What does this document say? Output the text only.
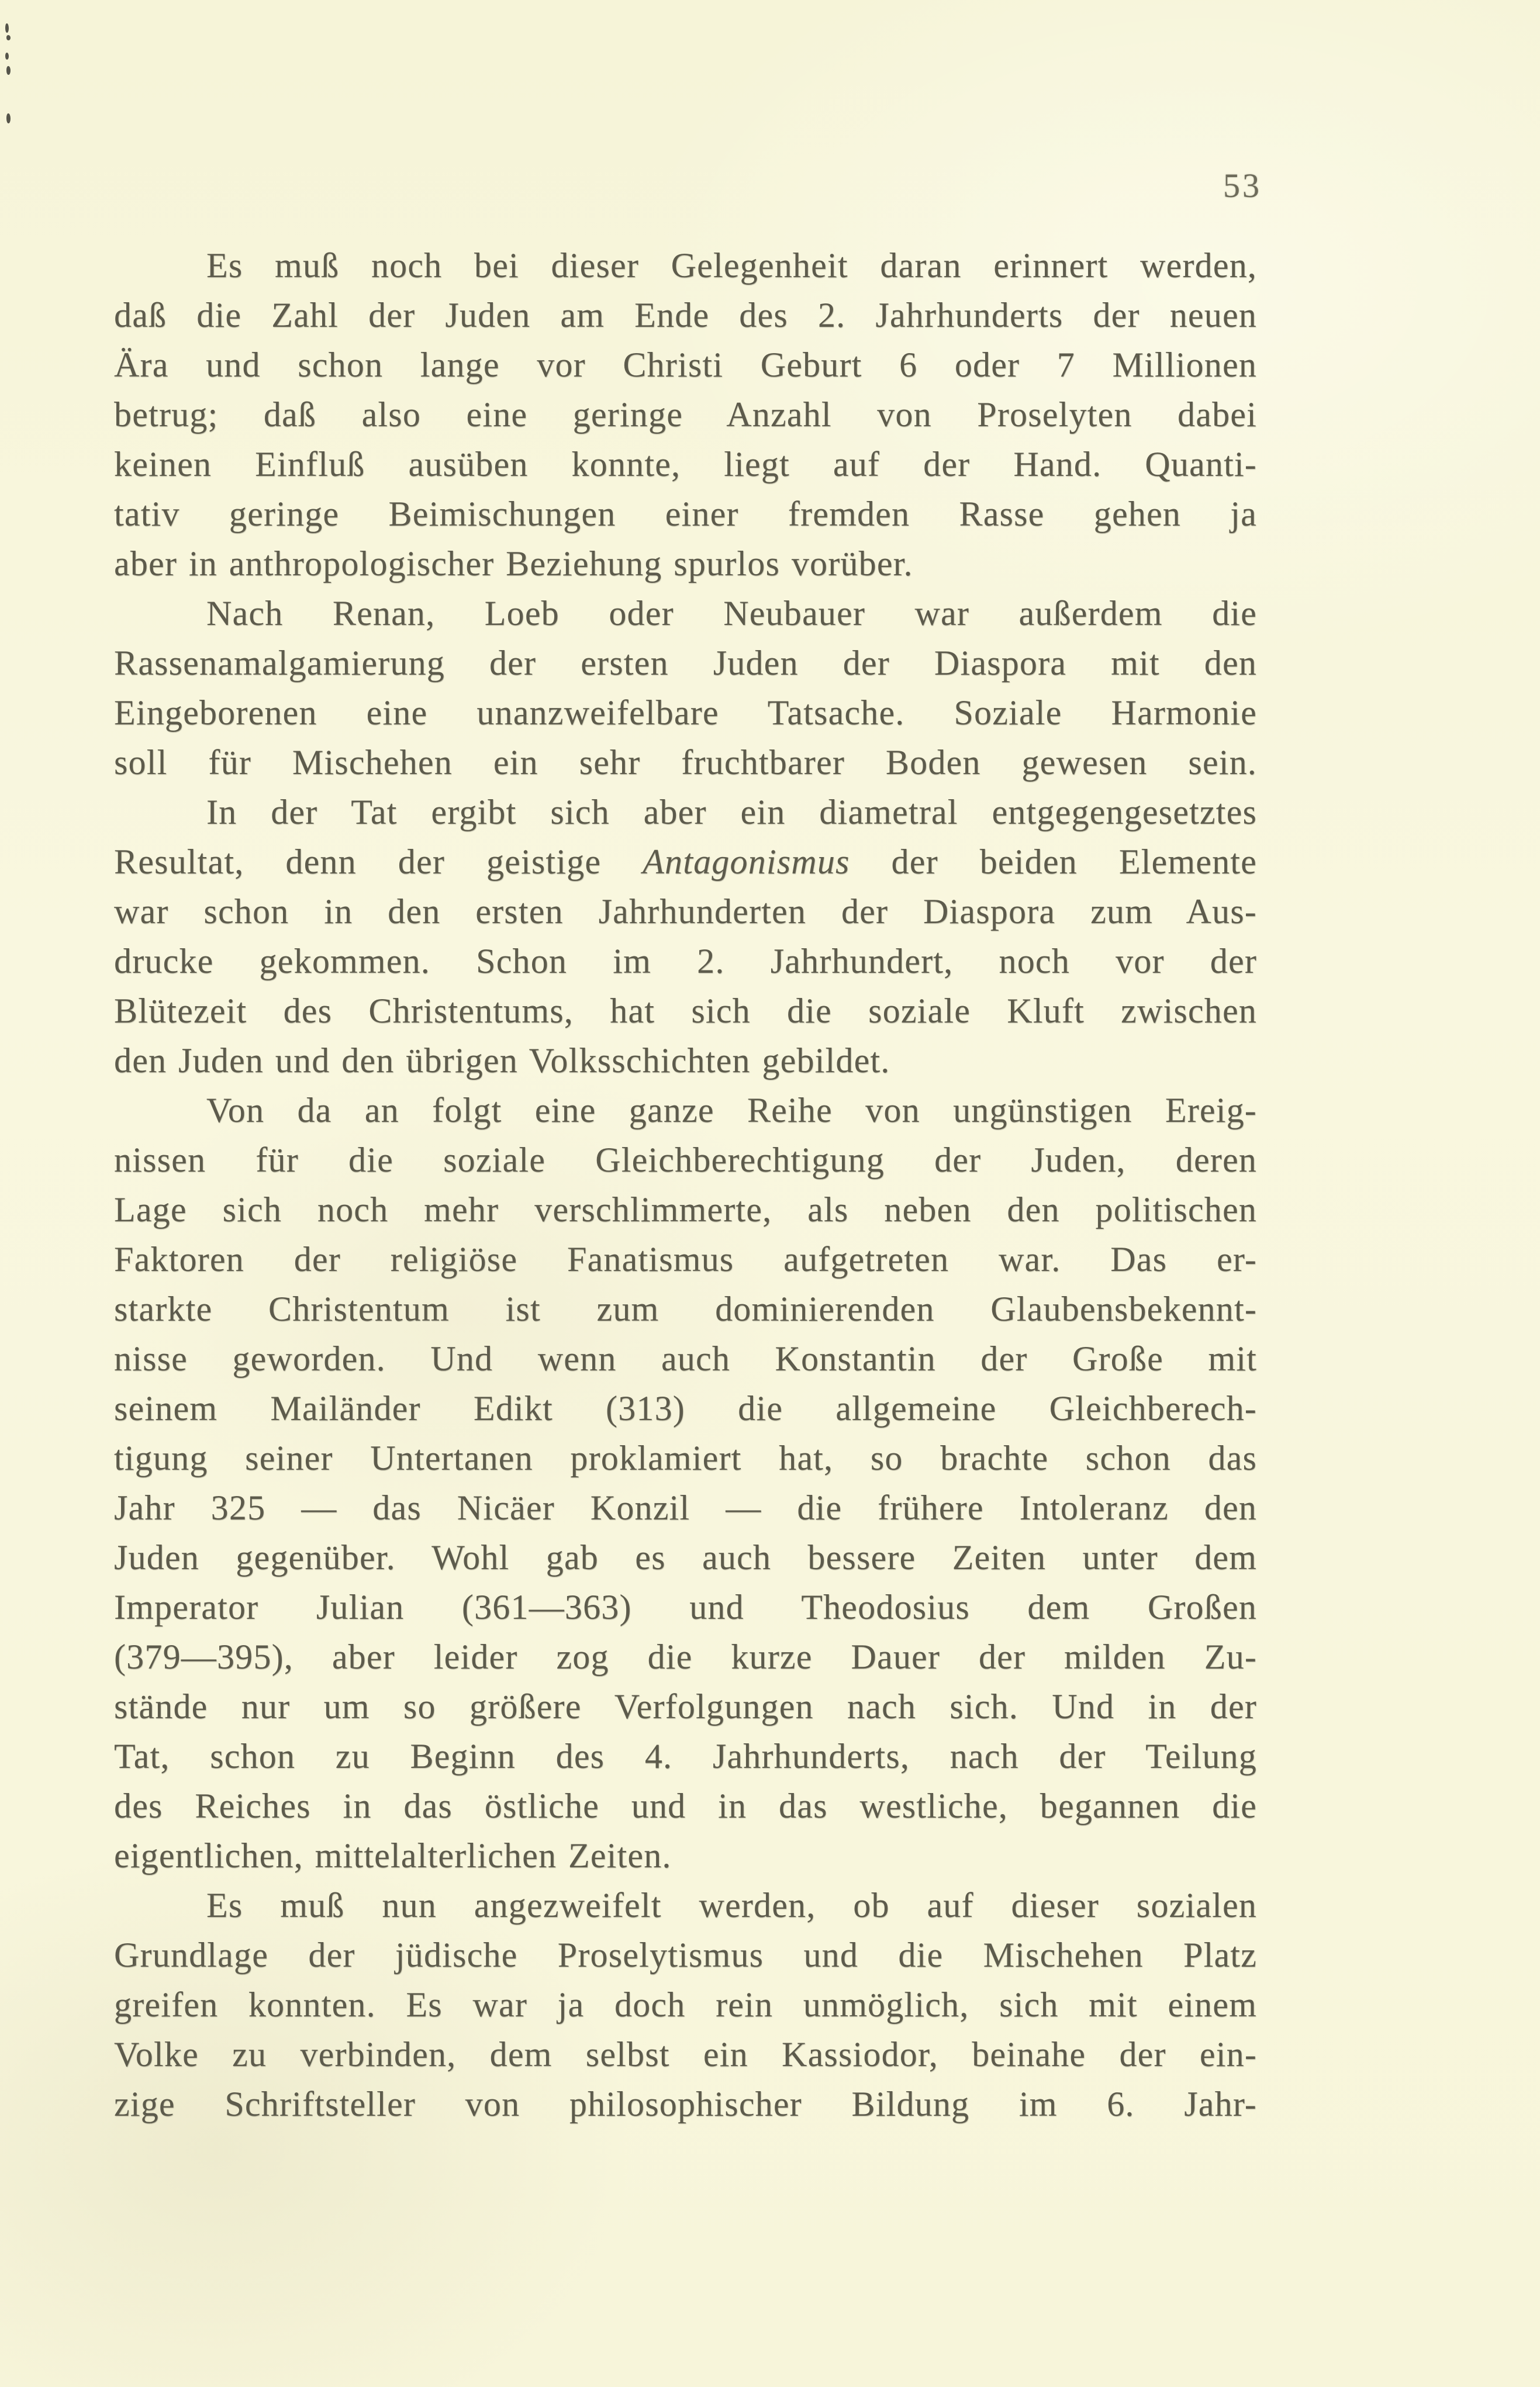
53
Es muß noch bei dieser Gelegenheit daran erinnert werden,
daß die Zahl der Juden am Ende des 2. Jahrhunderts der neuen
Ära und schon lange vor Christi Geburt 6 oder 7 Millionen
betrug; daß also eine geringe Anzahl von Proselyten dabei
keinen Einfluß ausüben konnte, liegt auf der Hand. Quanti-
tativ geringe Beimischungen einer fremden Rasse gehen ja
aber in anthropologischer Beziehung spurlos vorüber.
Nach Renan, Loeb oder Neubauer war außerdem die
Rassenamalgamierung der ersten Juden der Diaspora mit den
Eingeborenen eine unanzweifelbare Tatsache. Soziale Harmonie
soll für Mischehen ein sehr fruchtbarer Boden gewesen sein.
In der Tat ergibt sich aber ein diametral entgegengesetztes
Resultat, denn der geistige Antagonismus der beiden Elemente
war schon in den ersten Jahrhunderten der Diaspora zum Aus-
drucke gekommen. Schon im 2. Jahrhundert, noch vor der
Blütezeit des Christentums, hat sich die soziale Kluft zwischen
den Juden und den übrigen Volksschichten gebildet.
Von da an folgt eine ganze Reihe von ungünstigen Ereig-
nissen für die soziale Gleichberechtigung der Juden, deren
Lage sich noch mehr verschlimmerte, als neben den politischen
Faktoren der religiöse Fanatismus aufgetreten war. Das er-
starkte Christentum ist zum dominierenden Glaubensbekennt-
nisse geworden. Und wenn auch Konstantin der Große mit
seinem Mailänder Edikt (313) die allgemeine Gleichberech-
tigung seiner Untertanen proklamiert hat, so brachte schon das
Jahr 325 — das Nicäer Konzil — die frühere Intoleranz den
Juden gegenüber. Wohl gab es auch bessere Zeiten unter dem
Imperator Julian (361—363) und Theodosius dem Großen
(379—395), aber leider zog die kurze Dauer der milden Zu-
stände nur um so größere Verfolgungen nach sich. Und in der
Tat, schon zu Beginn des 4. Jahrhunderts, nach der Teilung
des Reiches in das östliche und in das westliche, begannen die
eigentlichen, mittelalterlichen Zeiten.
Es muß nun angezweifelt werden, ob auf dieser sozialen
Grundlage der jüdische Proselytismus und die Mischehen Platz
greifen konnten. Es war ja doch rein unmöglich, sich mit einem
Volke zu verbinden, dem selbst ein Kassiodor, beinahe der ein-
zige Schriftsteller von philosophischer Bildung im 6. Jahr-
